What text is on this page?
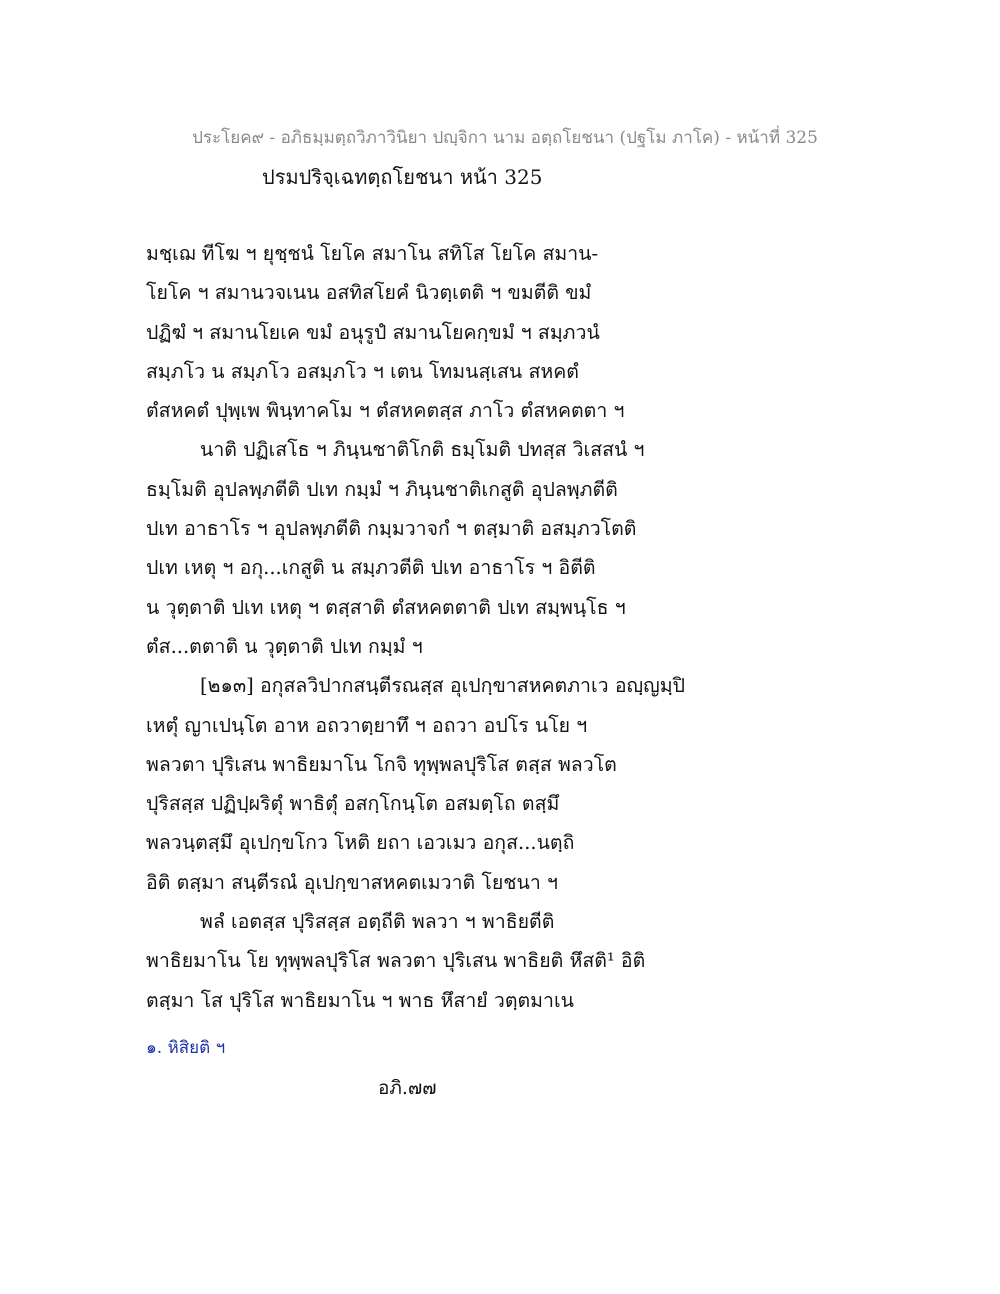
ประโยค๙ - อภิธมฺมตฺถวิภาวินิยา ปญฺจิกา นาม อตฺถโยชนา (ปฐโม ภาโค) - หน้าที่ 325
ปรมปริจฺเฉทตฺถโยชนา หน้า 325
มชฺเฌ ทีโฆ ฯ ยุชฺชนํ โยโค สมาโน สทิโส โยโค สมาน-
โยโค ฯ สมานวจเนน อสทิสโยคํ นิวตฺเตติ ฯ ขมตีติ ขมํ
ปฏิฆํ ฯ สมานโยเค ขมํ อนุรูปํ สมานโยคกฺขมํ ฯ สมฺภวนํ
สมฺภโว น สมฺภโว อสมฺภโว ฯ เตน โทมนสฺเสน สหคตํ
ตํสหคตํ ปุพฺเพ พินฺทาคโม ฯ ตํสหคตสฺส ภาโว ตํสหคตตา ฯ
นาติ ปฏิเสโธ ฯ ภินฺนชาติโกติ ธมฺโมติ ปทสฺส วิเสสนํ ฯ
ธมฺโมติ อุปลพฺภตีติ ปเท กมฺมํ ฯ ภินฺนชาติเกสูติ อุปลพฺภตีติ
ปเท อาธาโร ฯ อุปลพฺภตีติ กมฺมวาจกํ ฯ ตสฺมาติ อสมฺภวโตติ
ปเท เหตุ ฯ อกุ...เกสูติ น สมฺภวตีติ ปเท อาธาโร ฯ อิตีติ
น วุตฺตาติ ปเท เหตุ ฯ ตสฺสาติ ตํสหคตตาติ ปเท สมฺพนฺโธ ฯ
ตํส...ตตาติ น วุตฺตาติ ปเท กมฺมํ ฯ
[๒๑๓] อกุสลวิปากสนฺตีรณสฺส อุเปกฺขาสหคตภาเว อญฺญมฺปิ
เหตุํ ญาเปนฺโต อาห อถวาตฺยาทึ ฯ อถวา อปโร นโย ฯ
พลวตา ปุริเสน พาธิยมาโน โกจิ ทุพฺพลปุริโส ตสฺส พลวโต
ปุริสสฺส ปฏิปฺผริตุํ พาธิตุํ อสกฺโกนฺโต อสมตฺโถ ตสฺมึ
พลวนฺตสฺมึ อุเปกฺขโกว โหติ ยถา เอวเมว อกุส...นตฺถิ
อิติ ตสฺมา สนฺตีรณํ อุเปกฺขาสหคตเมวาติ โยชนา ฯ
พลํ เอตสฺส ปุริสสฺส อตฺถีติ พลวา ฯ พาธิยตีติ
พาธิยมาโน โย ทุพฺพลปุริโส พลวตา ปุริเสน พาธิยติ หึสติ¹ อิติ
ตสฺมา โส ปุริโส พาธิยมาโน ฯ พาธ หึสายํ วตฺตมาเน
๑. หิสิยติ ฯ
อภิ.๗๗
